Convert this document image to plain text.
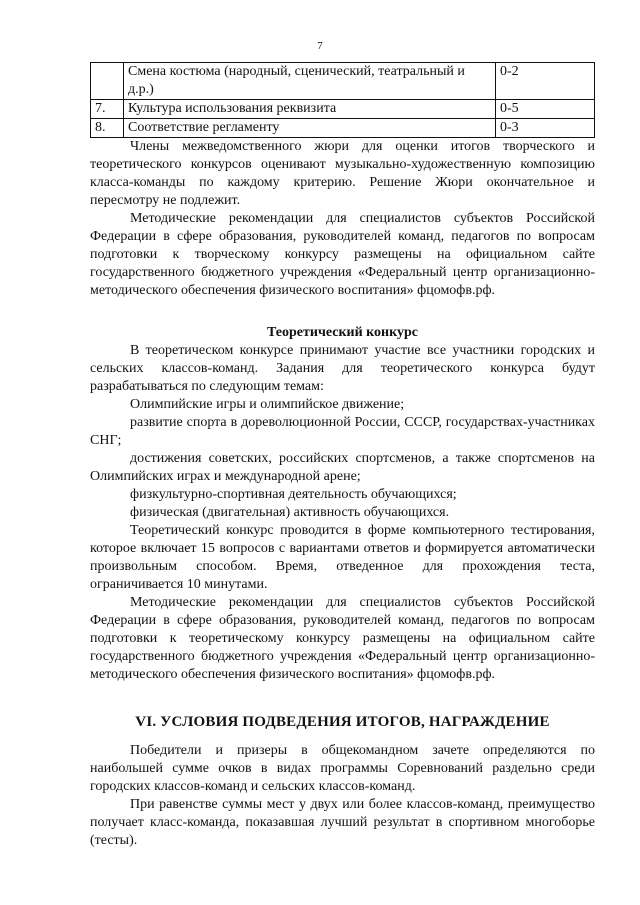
7
	Смена костюма (народный, сценический, театральный и д.р.)	0-2
7.	Культура использования реквизита	0-5
8.	Соответствие регламенту	0-3

Члены межведомственного жюри для оценки итогов творческого и теоретического конкурсов оценивают музыкально-художественную композицию класса-команды по каждому критерию. Решение Жюри окончательное и пересмотру не подлежит.

Методические рекомендации для специалистов субъектов Российской Федерации в сфере образования, руководителей команд, педагогов по вопросам подготовки к творческому конкурсу размещены на официальном сайте государственного бюджетного учреждения «Федеральный центр организационно-методического обеспечения физического воспитания» фцомофв.рф.

Теоретический конкурс

В теоретическом конкурсе принимают участие все участники городских и сельских классов-команд. Задания для теоретического конкурса будут разрабатываться по следующим темам:

Олимпийские игры и олимпийское движение;

развитие спорта в дореволюционной России, СССР, государствах-участниках СНГ;

достижения советских, российских спортсменов, а также спортсменов на Олимпийских играх и международной арене;

физкультурно-спортивная деятельность обучающихся;

физическая (двигательная) активность обучающихся.

Теоретический конкурс проводится в форме компьютерного тестирования, которое включает 15 вопросов с вариантами ответов и формируется автоматически произвольным способом. Время, отведенное для прохождения теста, ограничивается 10 минутами.

Методические рекомендации для специалистов субъектов Российской Федерации в сфере образования, руководителей команд, педагогов по вопросам подготовки к теоретическому конкурсу размещены на официальном сайте государственного бюджетного учреждения «Федеральный центр организационно-методического обеспечения физического воспитания» фцомофв.рф.

VI. УСЛОВИЯ ПОДВЕДЕНИЯ ИТОГОВ, НАГРАЖДЕНИЕ

Победители и призеры в общекомандном зачете определяются по наибольшей сумме очков в видах программы Соревнований раздельно среди городских классов-команд и сельских классов-команд.

При равенстве суммы мест у двух или более классов-команд, преимущество получает класс-команда, показавшая лучший результат в спортивном многоборье (тесты).
